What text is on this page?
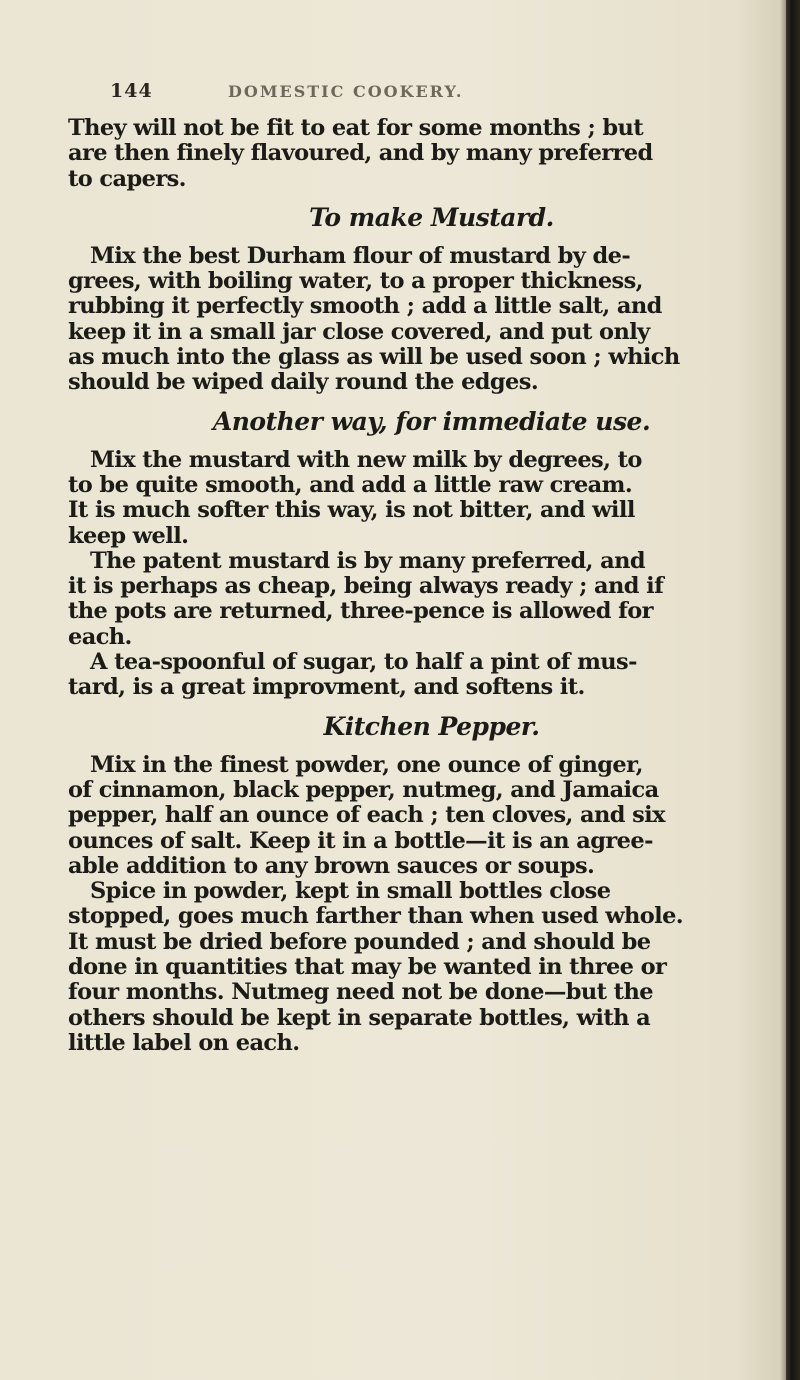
144	DOMESTIC COOKERY.

They will not be fit to eat for some months ; but

are then finely flavoured, and by many preferred

to capers.

To make Mustard.

Mix the best Durham flour of mustard by de-

grees, with boiling water, to a proper thickness,

rubbing it perfectly smooth ; add a little salt, and

keep it in a small jar close covered, and put only

as much into the glass as will be used soon ; which

should be wiped daily round the edges.

Another way, for immediate use.

Mix the mustard with new milk by degrees, to

to be quite smooth, and add a little raw cream.

It is much softer this way, is not bitter, and will

keep well.

The patent mustard is by many preferred, and

it is perhaps as cheap, being always ready ; and if

the pots are returned, three-pence is allowed for

each.

A tea-spoonful of sugar, to half a pint of mus-

tard, is a great improvment, and softens it.

Kitchen Pepper.

Mix in the finest powder, one ounce of ginger,

of cinnamon, black pepper, nutmeg, and Jamaica

pepper, half an ounce of each ; ten cloves, and six

ounces of salt. Keep it in a bottle—it is an agree-

able addition to any brown sauces or soups.

Spice in powder, kept in small bottles close

stopped, goes much farther than when used whole.

It must be dried before pounded ; and should be

done in quantities that may be wanted in three or

four months. Nutmeg need not be done—but the

others should be kept in separate bottles, with a

little label on each.
